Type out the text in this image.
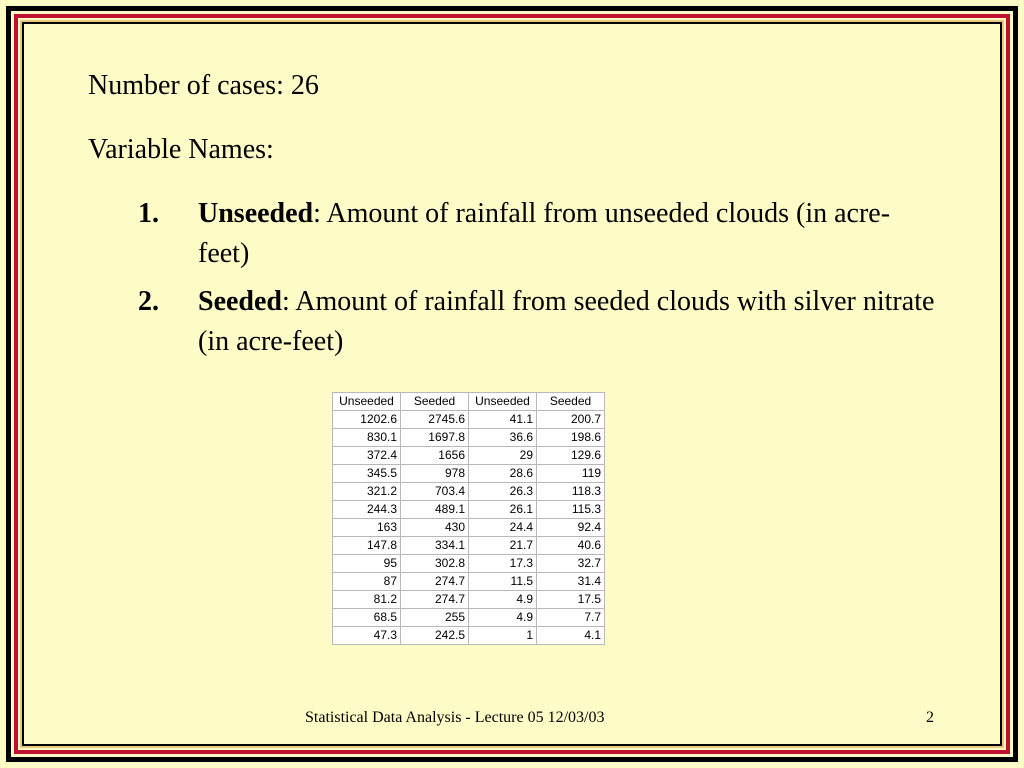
Number of cases: 26
Variable Names:
1. Unseeded: Amount of rainfall from unseeded clouds (in acre-feet)
2. Seeded: Amount of rainfall from seeded clouds with silver nitrate (in acre-feet)
Unseeded	Seeded	Unseeded	Seeded
1202.6	2745.6	41.1	200.7
830.1	1697.8	36.6	198.6
372.4	1656	29	129.6
345.5	978	28.6	119
321.2	703.4	26.3	118.3
244.3	489.1	26.1	115.3
163	430	24.4	92.4
147.8	334.1	21.7	40.6
95	302.8	17.3	32.7
87	274.7	11.5	31.4
81.2	274.7	4.9	17.5
68.5	255	4.9	7.7
47.3	242.5	1	4.1
Statistical Data Analysis - Lecture 05 12/03/03	2
